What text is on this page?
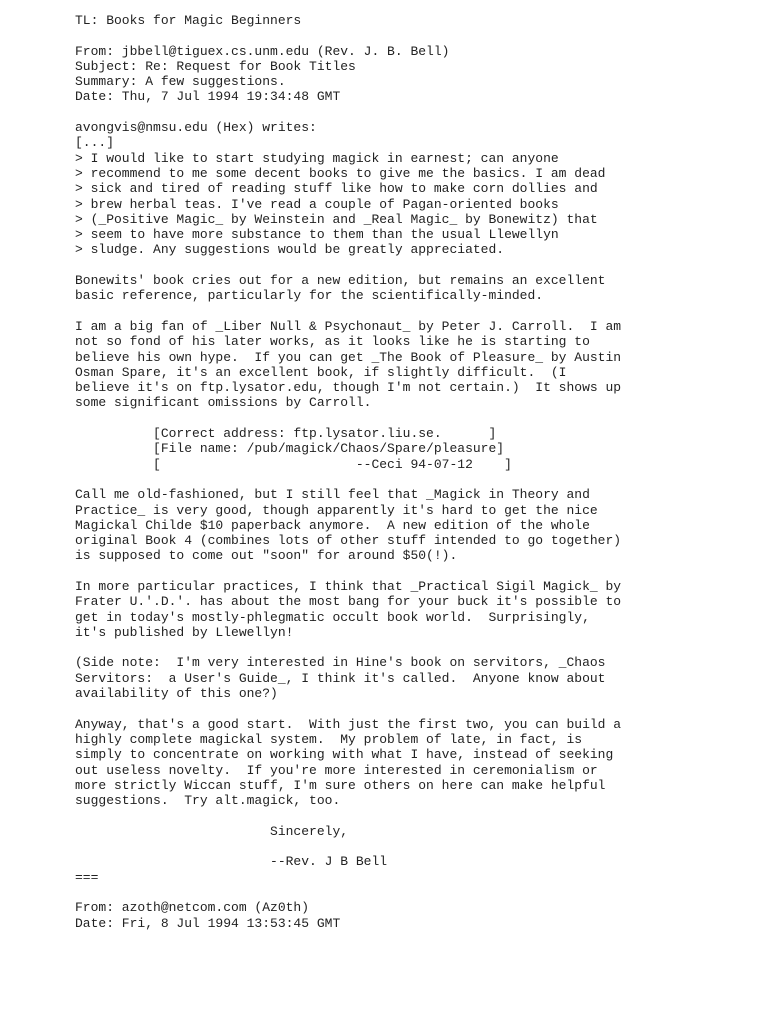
TL: Books for Magic Beginners
From: jbbell@tiguex.cs.unm.edu (Rev. J. B. Bell)
Subject: Re: Request for Book Titles
Summary: A few suggestions.
Date: Thu, 7 Jul 1994 19:34:48 GMT
avongvis@nmsu.edu (Hex) writes:
[...]
> I would like to start studying magick in earnest; can anyone
> recommend to me some decent books to give me the basics. I am dead
> sick and tired of reading stuff like how to make corn dollies and
> brew herbal teas. I've read a couple of Pagan-oriented books
> (_Positive Magic_ by Weinstein and _Real Magic_ by Bonewitz) that
> seem to have more substance to them than the usual Llewellyn
> sludge. Any suggestions would be greatly appreciated.
Bonewits' book cries out for a new edition, but remains an excellent
basic reference, particularly for the scientifically-minded.
I am a big fan of _Liber Null & Psychonaut_ by Peter J. Carroll.  I am
not so fond of his later works, as it looks like he is starting to
believe his own hype.  If you can get _The Book of Pleasure_ by Austin
Osman Spare, it's an excellent book, if slightly difficult.  (I
believe it's on ftp.lysator.edu, though I'm not certain.)  It shows up
some significant omissions by Carroll.
[Correct address: ftp.lysator.liu.se.      ]
[File name: /pub/magick/Chaos/Spare/pleasure]
[                         --Ceci 94-07-12    ]
Call me old-fashioned, but I still feel that _Magick in Theory and
Practice_ is very good, though apparently it's hard to get the nice
Magickal Childe $10 paperback anymore.  A new edition of the whole
original Book 4 (combines lots of other stuff intended to go together)
is supposed to come out "soon" for around $50(!).
In more particular practices, I think that _Practical Sigil Magick_ by
Frater U.'.D.'. has about the most bang for your buck it's possible to
get in today's mostly-phlegmatic occult book world.  Surprisingly,
it's published by Llewellyn!
(Side note:  I'm very interested in Hine's book on servitors, _Chaos
Servitors:  a User's Guide_, I think it's called.  Anyone know about
availability of this one?)
Anyway, that's a good start.  With just the first two, you can build a
highly complete magickal system.  My problem of late, in fact, is
simply to concentrate on working with what I have, instead of seeking
out useless novelty.  If you're more interested in ceremonialism or
more strictly Wiccan stuff, I'm sure others on here can make helpful
suggestions.  Try alt.magick, too.
Sincerely,
--Rev. J B Bell
===
From: azoth@netcom.com (Az0th)
Date: Fri, 8 Jul 1994 13:53:45 GMT
